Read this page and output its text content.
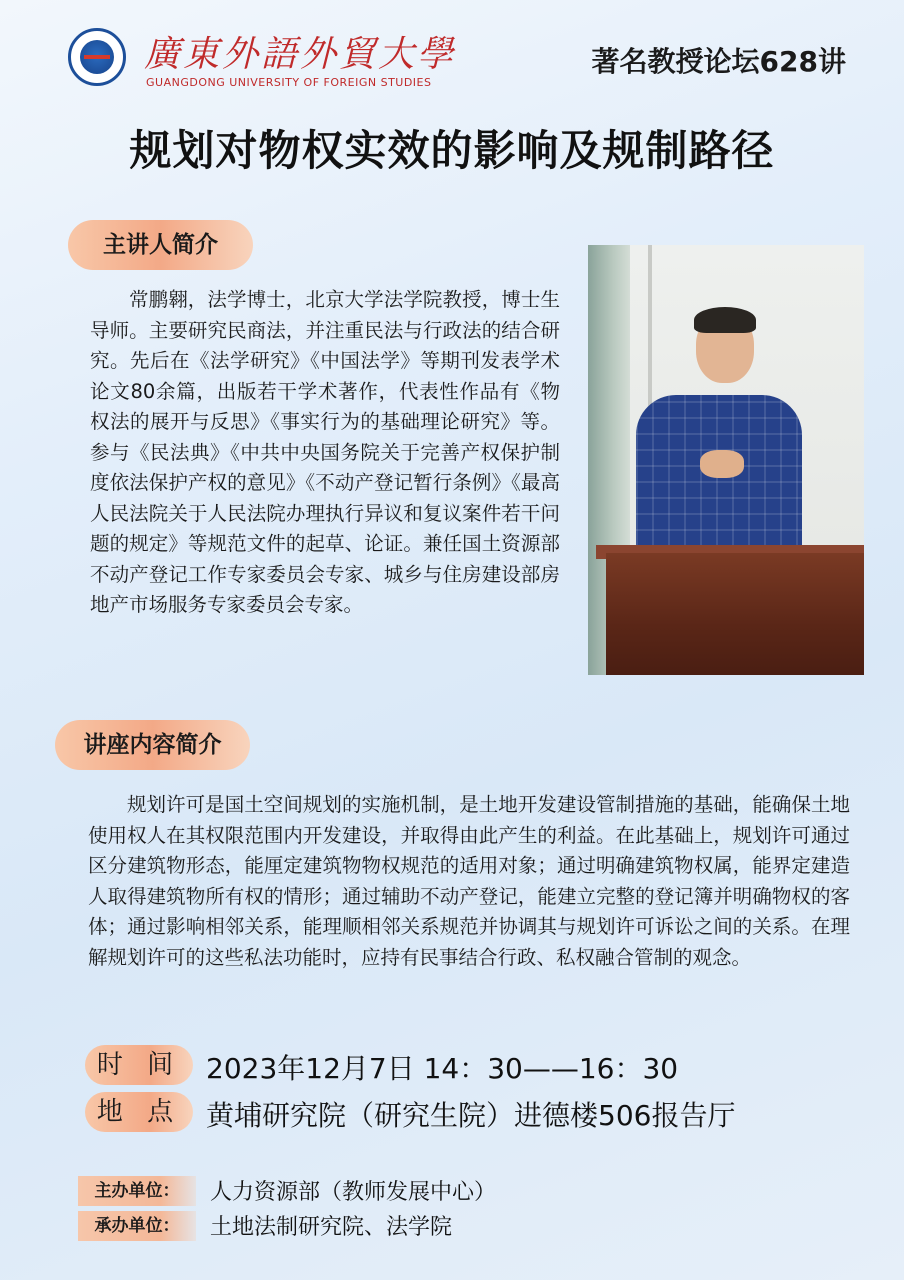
廣東外語外貿大學
GUANGDONG UNIVERSITY OF FOREIGN STUDIES
著名教授论坛628讲
规划对物权实效的影响及规制路径
主讲人简介

常鹏翱，法学博士，北京大学法学院教授，博士生导师。主要研究民商法，并注重民法与行政法的结合研究。先后在《法学研究》《中国法学》等期刊发表学术论文80余篇，出版若干学术著作，代表性作品有《物权法的展开与反思》《事实行为的基础理论研究》等。参与《民法典》《中共中央国务院关于完善产权保护制度依法保护产权的意见》《不动产登记暂行条例》《最高人民法院关于人民法院办理执行异议和复议案件若干问题的规定》等规范文件的起草、论证。兼任国土资源部不动产登记工作专家委员会专家、城乡与住房建设部房地产市场服务专家委员会专家。

讲座内容简介

规划许可是国土空间规划的实施机制，是土地开发建设管制措施的基础，能确保土地使用权人在其权限范围内开发建设，并取得由此产生的利益。在此基础上，规划许可通过区分建筑物形态，能厘定建筑物物权规范的适用对象；通过明确建筑物权属，能界定建造人取得建筑物所有权的情形；通过辅助不动产登记，能建立完整的登记簿并明确物权的客体；通过影响相邻关系，能理顺相邻关系规范并协调其与规划许可诉讼之间的关系。在理解规划许可的这些私法功能时，应持有民事结合行政、私权融合管制的观念。

时 间 2023年12月7日 14：30——16：30
地 点 黄埔研究院（研究生院）进德楼506报告厅
主办单位：	人力资源部（教师发展中心）
承办单位：	土地法制研究院、法学院
